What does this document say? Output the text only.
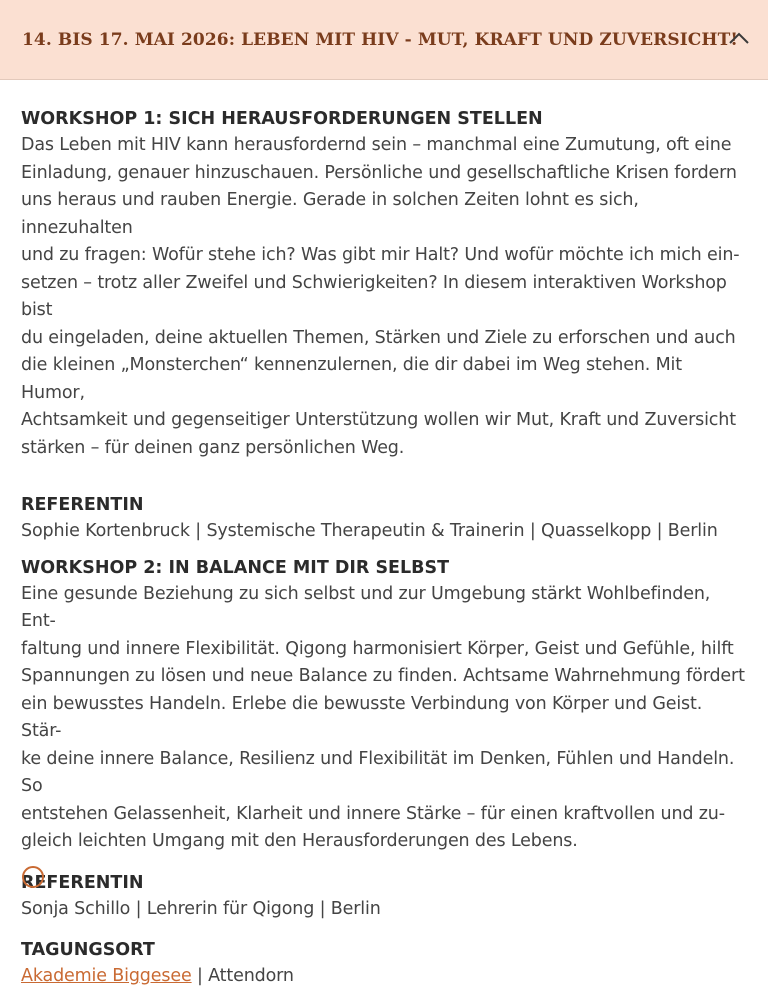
14. BIS 17. MAI 2026: LEBEN MIT HIV - MUT, KRAFT UND ZUVERSICHT!
WORKSHOP 1: SICH HERAUSFORDERUNGEN STELLEN

Das Leben mit HIV kann herausfordernd sein – manchmal eine Zumutung, oft eine

Einladung, genauer hinzuschauen. Persönliche und gesellschaftliche Krisen fordern

uns heraus und rauben Energie. Gerade in solchen Zeiten lohnt es sich, innezuhalten

und zu fragen: Wofür stehe ich? Was gibt mir Halt? Und wofür möchte ich mich ein-

setzen – trotz aller Zweifel und Schwierigkeiten? In diesem interaktiven Workshop bist

du eingeladen, deine aktuellen Themen, Stärken und Ziele zu erforschen und auch

die kleinen „Monsterchen“ kennenzulernen, die dir dabei im Weg stehen. Mit Humor,

Achtsamkeit und gegenseitiger Unterstützung wollen wir Mut, Kraft und Zuversicht

stärken – für deinen ganz persönlichen Weg.

REFERENTIN

Sophie Kortenbruck | Systemische Therapeutin & Trainerin | Quasselkopp | Berlin

WORKSHOP 2: IN BALANCE MIT DIR SELBST

Eine gesunde Beziehung zu sich selbst und zur Umgebung stärkt Wohlbefinden, Ent-

faltung und innere Flexibilität. Qigong harmonisiert Körper, Geist und Gefühle, hilft

Spannungen zu lösen und neue Balance zu finden. Achtsame Wahrnehmung fördert

ein bewusstes Handeln. Erlebe die bewusste Verbindung von Körper und Geist. Stär-

ke deine innere Balance, Resilienz und Flexibilität im Denken, Fühlen und Handeln. So

entstehen Gelassenheit, Klarheit und innere Stärke – für einen kraftvollen und zu-

gleich leichten Umgang mit den Herausforderungen des Lebens.

REFERENTIN

Sonja Schillo | Lehrerin für Qigong | Berlin

TAGUNGSORT

Akademie Biggesee | Attendorn
